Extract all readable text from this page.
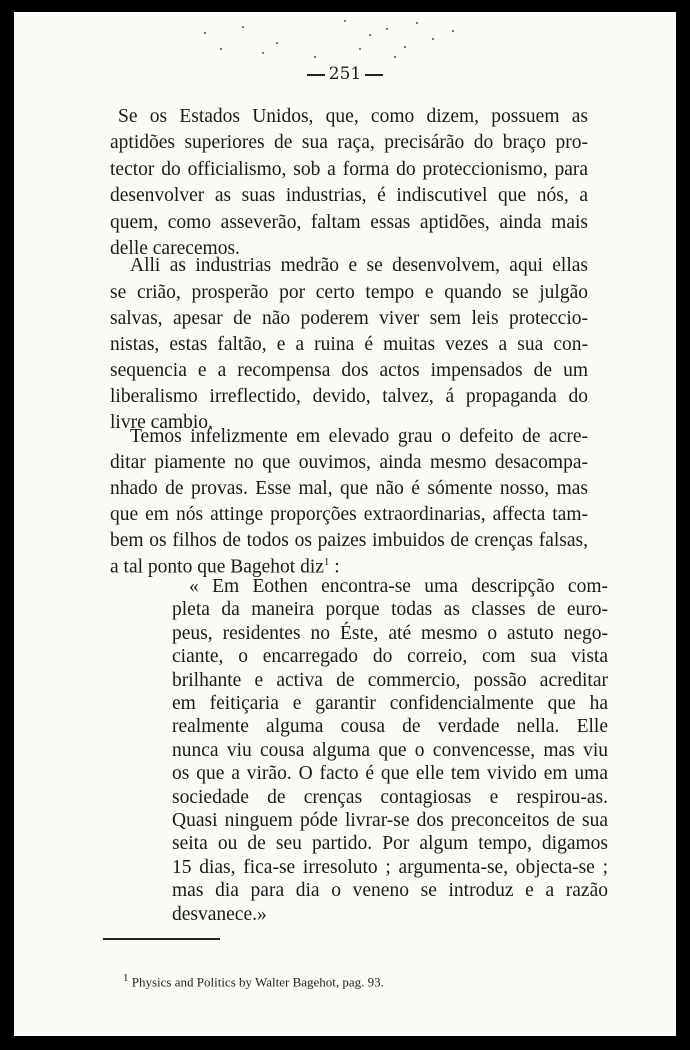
251
$^1$ Physics and Politics by Walter Bagehot, pag. 93.
Se os Estados Unidos, que, como dizem, possuem as
aptidões superiores de sua raça, precisárão do braço pro-
tector do officialismo, sob a forma do proteccionismo, para
desenvolver as suas industrias, é indiscutivel que nós, a
quem, como asseverão, faltam essas aptidões, ainda mais
delle carecemos.
Alli as industrias medrão e se desenvolvem, aqui ellas
se crião, prosperão por certo tempo e quando se julgão
salvas, apesar de não poderem viver sem leis proteccio-
nistas, estas faltão, e a ruina é muitas vezes a sua con-
sequencia e a recompensa dos actos impensados de um
liberalismo irreflectido, devido, talvez, á propaganda do
livre cambio.
Temos infelizmente em elevado grau o defeito de acre-
ditar piamente no que ouvimos, ainda mesmo desacompa-
nhado de provas. Esse mal, que não é sómente nosso, mas
que em nós attinge proporções extraordinarias, affecta tam-
bem os filhos de todos os paizes imbuidos de crenças falsas,
a tal ponto que Bagehot diz$^1$ :
« Em Eothen encontra-se uma descripção com-
pleta da maneira porque todas as classes de euro-
peus, residentes no Éste, até mesmo o astuto nego-
ciante, o encarregado do correio, com sua vista
brilhante e activa de commercio, possão acreditar
em feitiçaria e garantir confidencialmente que ha
realmente alguma cousa de verdade nella. Elle
nunca viu cousa alguma que o convencesse, mas viu
os que a virão. O facto é que elle tem vivido em uma
sociedade de crenças contagiosas e respirou-as.
Quasi ninguem póde livrar-se dos preconceitos de sua
seita ou de seu partido. Por algum tempo, digamos
15 dias, fica-se irresoluto ; argumenta-se, objecta-se ;
mas dia para dia o veneno se introduz e a razão
desvanece.»
